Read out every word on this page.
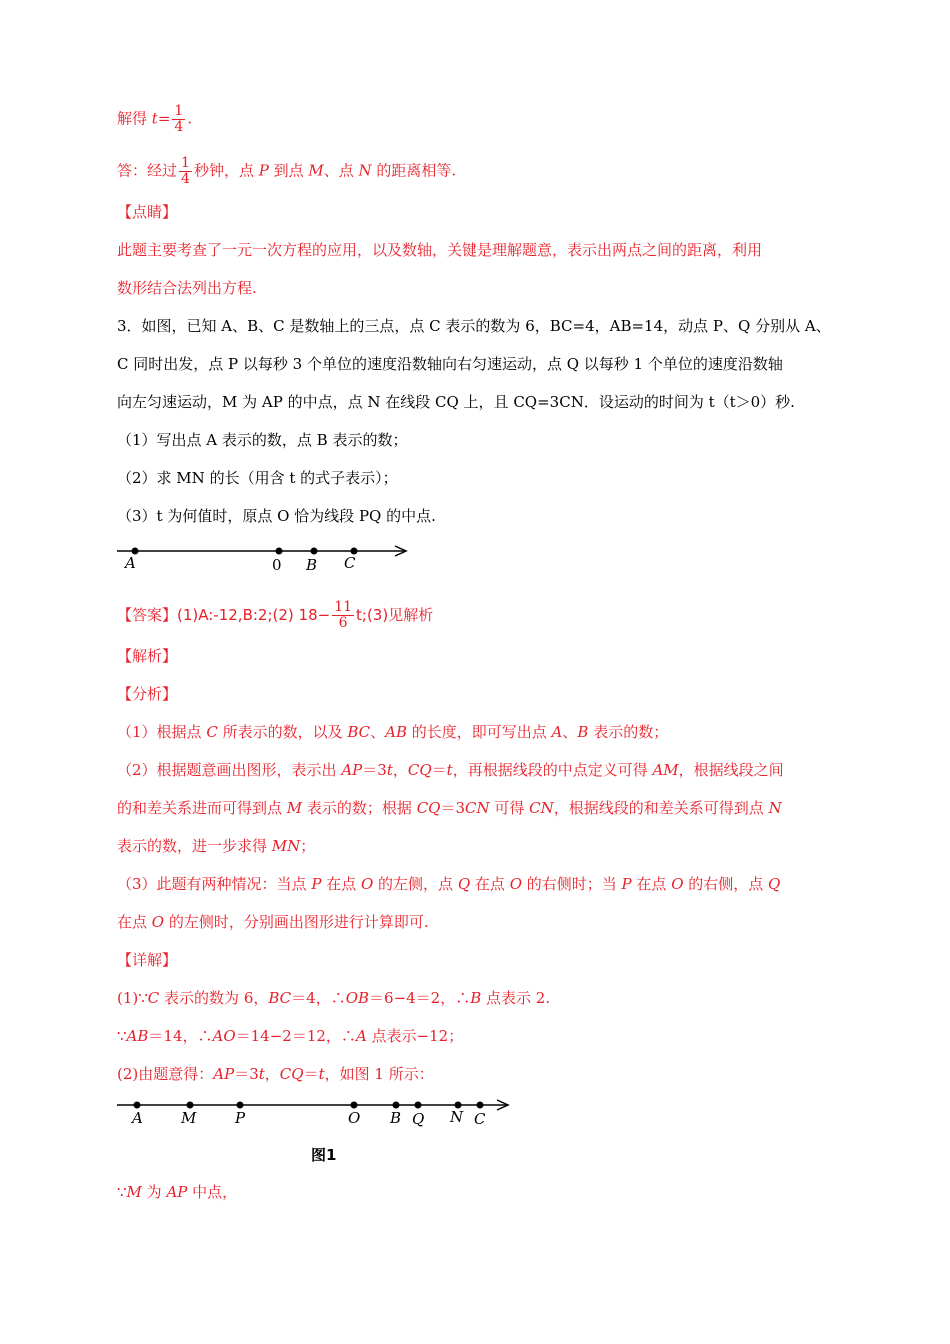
解得 $t= \frac{1}{4}$ .
答：经过 $\frac{1}{4}$ 秒钟，点 P 到点 M、点 N 的距离相等.
【点睛】
此题主要考查了一元一次方程的应用，以及数轴，关键是理解题意，表示出两点之间的距离，利用
数形结合法列出方程.
3．如图，已知 A、B、C 是数轴上的三点，点 C 表示的数为 6，BC=4，AB=14，动点 P、Q 分别从 A、
C 同时出发，点 P 以每秒 3 个单位的速度沿数轴向右匀速运动，点 Q 以每秒 1 个单位的速度沿数轴
向左匀速运动，M 为 AP 的中点，点 N 在线段 CQ 上，且 CQ=3CN．设运动的时间为 t（t＞0）秒.
（1）写出点 A 表示的数，点 B 表示的数；
（2）求 MN 的长（用含 t 的式子表示）；
（3）t 为何值时，原点 O 恰为线段 PQ 的中点.
A	0 B C
【答案】(1)A:-12,B:2;(2) $18- \frac{11}{6}$ t;(3)见解析
【解析】
【分析】
（1）根据点 C 所表示的数，以及 BC、AB 的长度，即可写出点 A、B 表示的数；
（2）根据题意画出图形，表示出 AP＝3t，CQ＝t，再根据线段的中点定义可得 AM，根据线段之间
的和差关系进而可得到点 M 表示的数；根据 CQ＝3CN 可得 CN，根据线段的和差关系可得到点 N
表示的数，进一步求得 MN；
（3）此题有两种情况：当点 P 在点 O 的左侧，点 Q 在点 O 的右侧时；当 P 在点 O 的右侧，点 Q
在点 O 的左侧时，分别画出图形进行计算即可.
【详解】
(1)∵C 表示的数为 6，BC＝4，∴OB＝6−4＝2，∴B 点表示 2.
∵AB＝14，∴AO＝14−2＝12，∴A 点表示−12；
(2)由题意得：AP＝3t，CQ＝t，如图 1 所示：
A	M	P	O B Q N C
图1
∵M 为 AP 中点，
